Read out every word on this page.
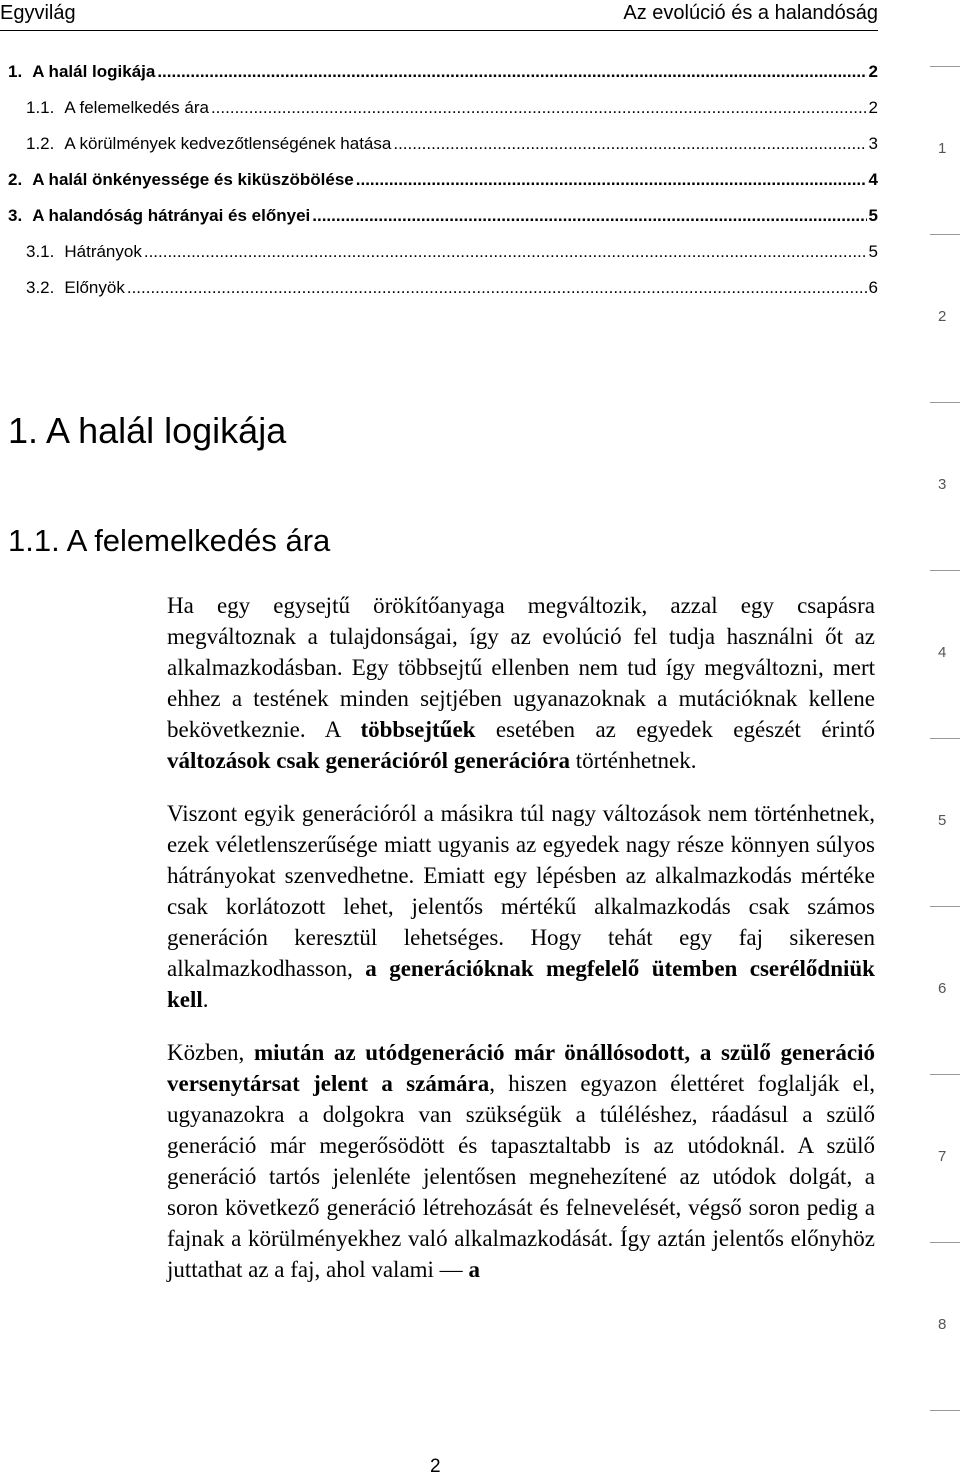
Egyvilág	Az evolúció és a halandóság
1. A halál logikája .....	2
1.1. A felemelkedés ára .....	2
1.2. A körülmények kedvezőtlenségének hatása .....	3
2. A halál önkényessége és kiküszöbölése .....	4
3. A halandóság hátrányai és előnyei .....	5
3.1. Hátrányok .....	5
3.2. Előnyök .....	6
1. A halál logikája
1.1. A felemelkedés ára

Ha egy egysejtű örökítőanyaga megváltozik, azzal egy csapásra megváltoznak a tulajdonságai, így az evolúció fel tudja használni őt az alkalmazkodásban. Egy többsejtű ellenben nem tud így megváltozni, mert ehhez a testének minden sejtjében ugyanazoknak a mutációknak kellene bekövetkeznie. A többsejtűek esetében az egyedek egészét érintő változások csak generációról generációra történhetnek.

Viszont egyik generációról a másikra túl nagy változások nem történhetnek, ezek véletlenszerűsége miatt ugyanis az egyedek nagy része könnyen súlyos hátrányokat szenvedhetne. Emiatt egy lépésben az alkalmazkodás mértéke csak korlátozott lehet, jelentős mértékű alkalmazkodás csak számos generáción keresztül lehetséges. Hogy tehát egy faj sikeresen alkalmazkodhasson, a generációknak megfelelő ütemben cserélődniük kell.

Közben, miután az utódgeneráció már önállósodott, a szülő generáció versenytársat jelent a számára, hiszen egyazon élettéret foglalják el, ugyanazokra a dolgokra van szükségük a túléléshez, ráadásul a szülő generáció már megerősödött és tapasztaltabb is az utódoknál. A szülő generáció tartós jelenléte jelentősen megnehezítené az utódok dolgát, a soron következő generáció létrehozását és felnevelését, végső soron pedig a fajnak a körülményekhez való alkalmazkodását. Így aztán jelentős előnyhöz juttathat az a faj, ahol valami — a

1
2
3
4
5
6
7
8
2
